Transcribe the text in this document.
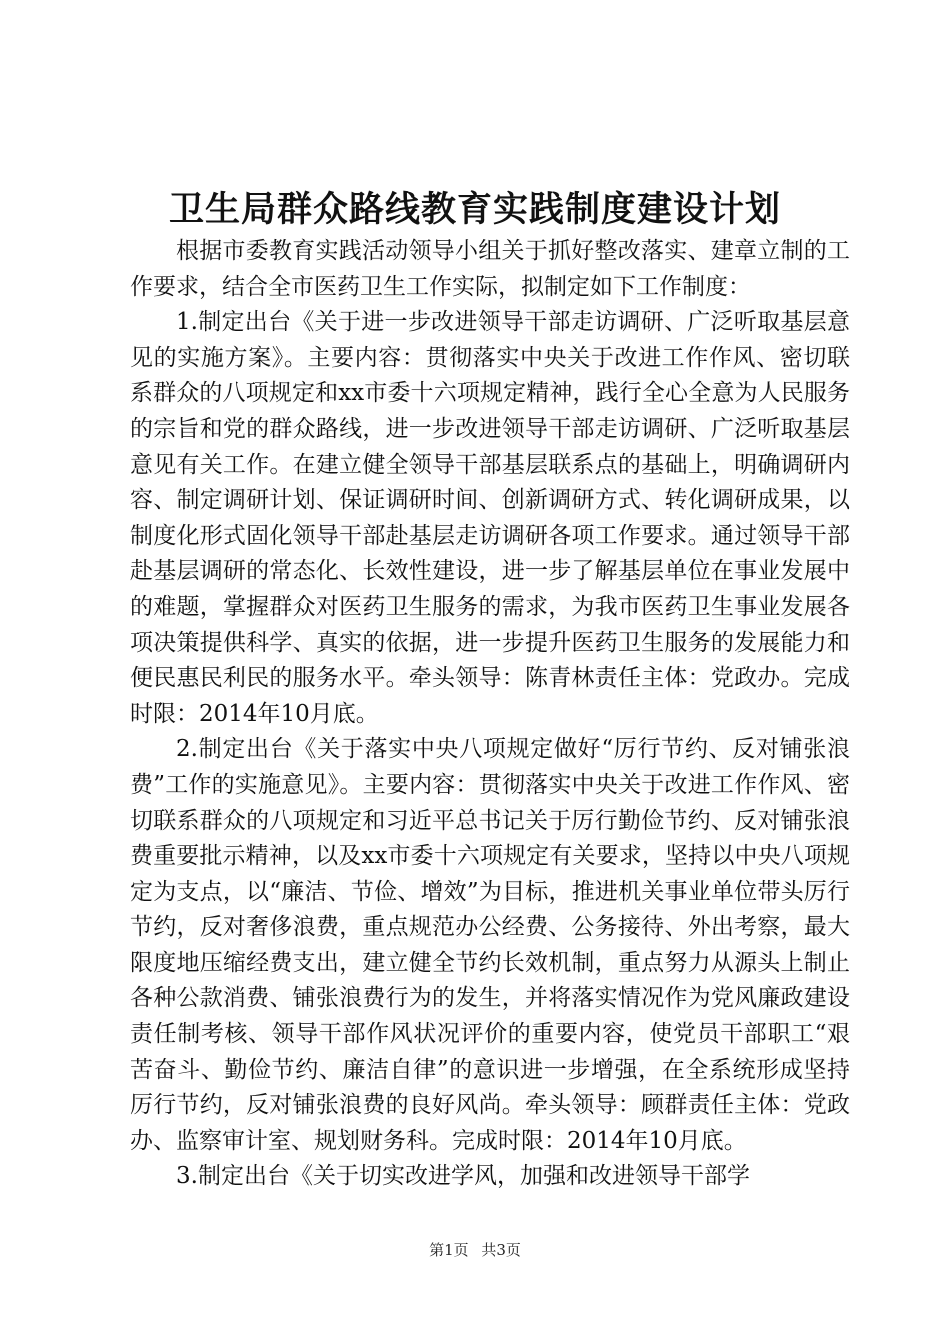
卫生局群众路线教育实践制度建设计划

根据市委教育实践活动领导小组关于抓好整改落实、建章立制的工作要求，结合全市医药卫生工作实际，拟制定如下工作制度：

1.制定出台《关于进一步改进领导干部走访调研、广泛听取基层意见的实施方案》。主要内容：贯彻落实中央关于改进工作作风、密切联系群众的八项规定和xx市委十六项规定精神，践行全心全意为人民服务的宗旨和党的群众路线，进一步改进领导干部走访调研、广泛听取基层意见有关工作。在建立健全领导干部基层联系点的基础上，明确调研内容、制定调研计划、保证调研时间、创新调研方式、转化调研成果，以制度化形式固化领导干部赴基层走访调研各项工作要求。通过领导干部赴基层调研的常态化、长效性建设，进一步了解基层单位在事业发展中的难题，掌握群众对医药卫生服务的需求，为我市医药卫生事业发展各项决策提供科学、真实的依据，进一步提升医药卫生服务的发展能力和便民惠民利民的服务水平。牵头领导：陈青林责任主体：党政办。完成时限：2014年10月底。

2.制定出台《关于落实中央八项规定做好“厉行节约、反对铺张浪费”工作的实施意见》。主要内容：贯彻落实中央关于改进工作作风、密切联系群众的八项规定和习近平总书记关于厉行勤俭节约、反对铺张浪费重要批示精神，以及xx市委十六项规定有关要求，坚持以中央八项规定为支点，以“廉洁、节俭、增效”为目标，推进机关事业单位带头厉行节约，反对奢侈浪费，重点规范办公经费、公务接待、外出考察，最大限度地压缩经费支出，建立健全节约长效机制，重点努力从源头上制止各种公款消费、铺张浪费行为的发生，并将落实情况作为党风廉政建设责任制考核、领导干部作风状况评价的重要内容，使党员干部职工“艰苦奋斗、勤俭节约、廉洁自律”的意识进一步增强，在全系统形成坚持厉行节约，反对铺张浪费的良好风尚。牵头领导：顾群责任主体：党政办、监察审计室、规划财务科。完成时限：2014年10月底。

3.制定出台《关于切实改进学风，加强和改进领导干部学

第1页 共3页
